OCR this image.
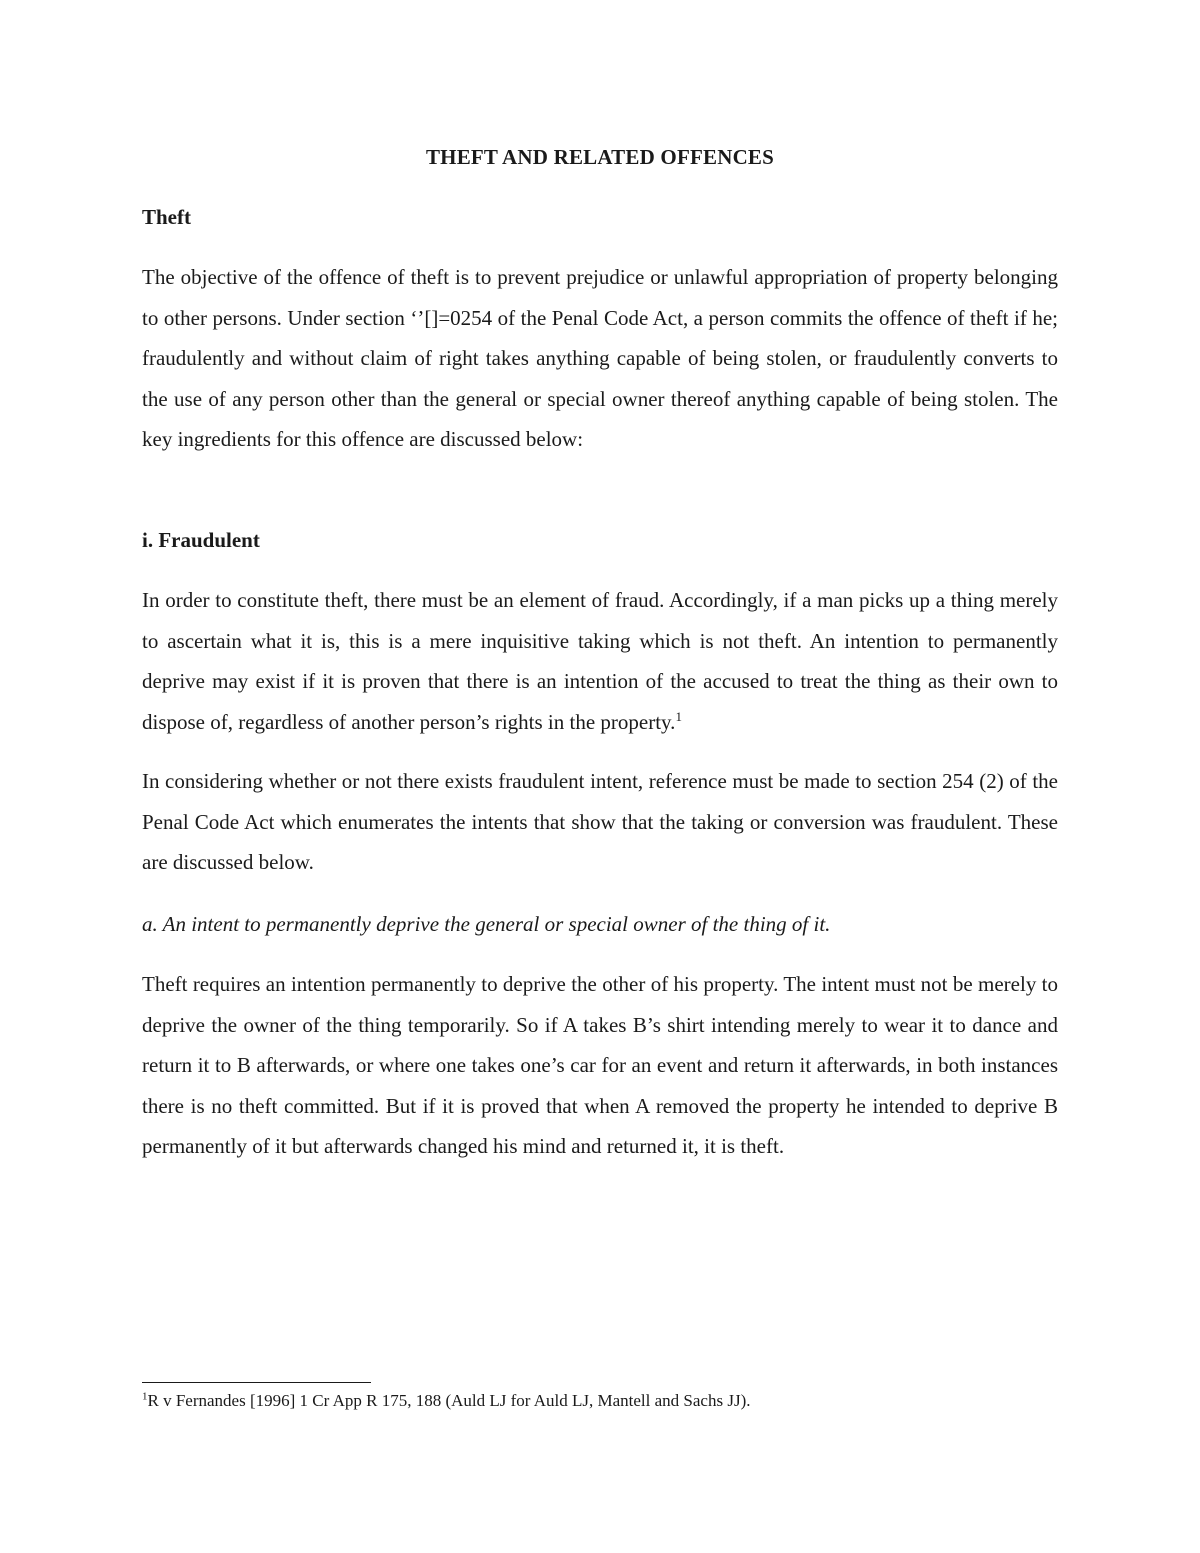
THEFT AND RELATED OFFENCES
Theft

The objective of the offence of theft is to prevent prejudice or unlawful appropriation of property belonging to other persons. Under section ‘’[]=0254 of the Penal Code Act, a person commits the offence of theft if he; fraudulently and without claim of right takes anything capable of being stolen, or fraudulently converts to the use of any person other than the general or special owner thereof anything capable of being stolen. The key ingredients for this offence are discussed below:

i. Fraudulent

In order to constitute theft, there must be an element of fraud. Accordingly, if a man picks up a thing merely to ascertain what it is, this is a mere inquisitive taking which is not theft. An intention to permanently deprive may exist if it is proven that there is an intention of the accused to treat the thing as their own to dispose of, regardless of another person’s rights in the property.$^1$

In considering whether or not there exists fraudulent intent, reference must be made to section 254 (2) of the Penal Code Act which enumerates the intents that show that the taking or conversion was fraudulent. These are discussed below.

a. An intent to permanently deprive the general or special owner of the thing of it.

Theft requires an intention permanently to deprive the other of his property. The intent must not be merely to deprive the owner of the thing temporarily. So if A takes B’s shirt intending merely to wear it to dance and return it to B afterwards, or where one takes one’s car for an event and return it afterwards, in both instances there is no theft committed. But if it is proved that when A removed the property he intended to deprive B permanently of it but afterwards changed his mind and returned it, it is theft.

$^1$R v Fernandes [1996] 1 Cr App R 175, 188 (Auld LJ for Auld LJ, Mantell and Sachs JJ).
